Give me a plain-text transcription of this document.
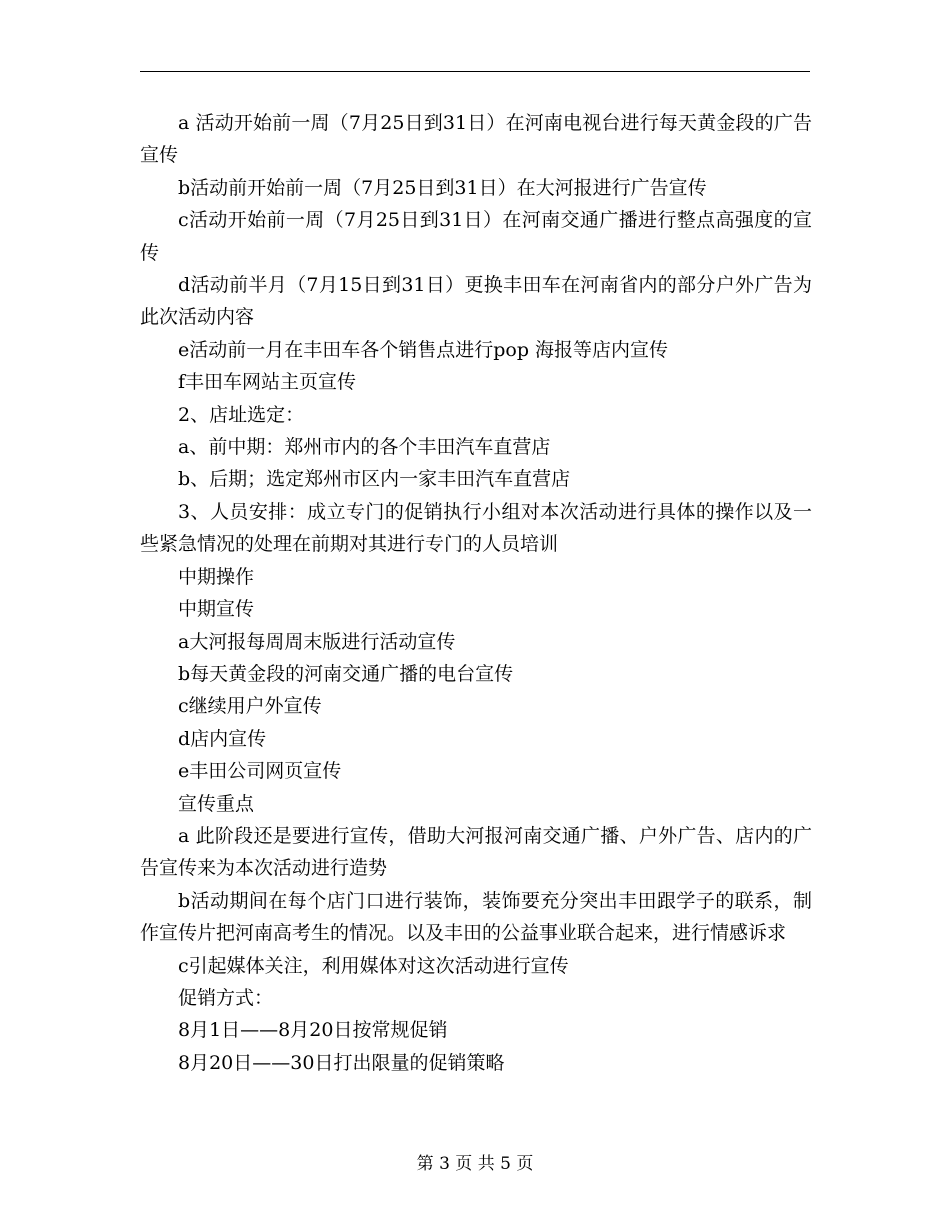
a 活动开始前一周（7月25日到31日）在河南电视台进行每天黄金段的广告宣传

b活动前开始前一周（7月25日到31日）在大河报进行广告宣传

c活动开始前一周（7月25日到31日）在河南交通广播进行整点高强度的宣传

d活动前半月（7月15日到31日）更换丰田车在河南省内的部分户外广告为此次活动内容

e活动前一月在丰田车各个销售点进行pop 海报等店内宣传

f丰田车网站主页宣传

2、店址选定：

a、前中期：郑州市内的各个丰田汽车直营店

b、后期；选定郑州市区内一家丰田汽车直营店

3、人员安排：成立专门的促销执行小组对本次活动进行具体的操作以及一些紧急情况的处理在前期对其进行专门的人员培训

中期操作

中期宣传

a大河报每周周末版进行活动宣传

b每天黄金段的河南交通广播的电台宣传

c继续用户外宣传

d店内宣传

e丰田公司网页宣传

宣传重点

a 此阶段还是要进行宣传，借助大河报河南交通广播、户外广告、店内的广告宣传来为本次活动进行造势

b活动期间在每个店门口进行装饰，装饰要充分突出丰田跟学子的联系，制作宣传片把河南高考生的情况。以及丰田的公益事业联合起来，进行情感诉求

c引起媒体关注，利用媒体对这次活动进行宣传

促销方式：

8月1日——8月20日按常规促销

8月20日——30日打出限量的促销策略

第 3 页 共 5 页
